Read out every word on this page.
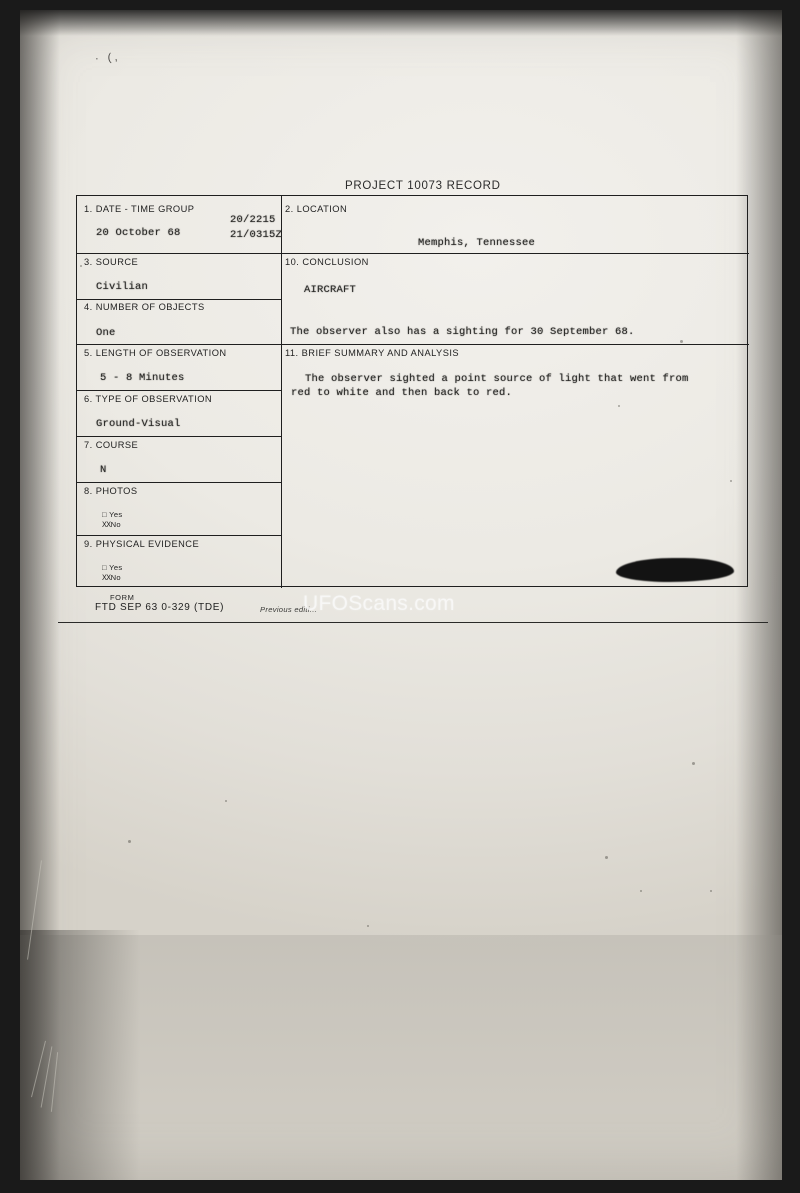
· (,
PROJECT 10073 RECORD
1. DATE - TIME GROUP
20 October 68
20/2215
21/0315Z
3. SOURCE
Civilian
4. NUMBER OF OBJECTS
One
5. LENGTH OF OBSERVATION
5 - 8 Minutes
6. TYPE OF OBSERVATION
Ground-Visual
7. COURSE
N
8. PHOTOS
□ Yes
XXNo
9. PHYSICAL EVIDENCE
□ Yes
XXNo
2. LOCATION
Memphis, Tennessee
10. CONCLUSION
AIRCRAFT
The observer also has a sighting for 30 September 68.
11. BRIEF SUMMARY AND ANALYSIS
The observer sighted a point source of light that went from
red to white and then back to red.
FORM
FTD SEP 63 0-329 (TDE)	Previous editi...
UFOScans.com
